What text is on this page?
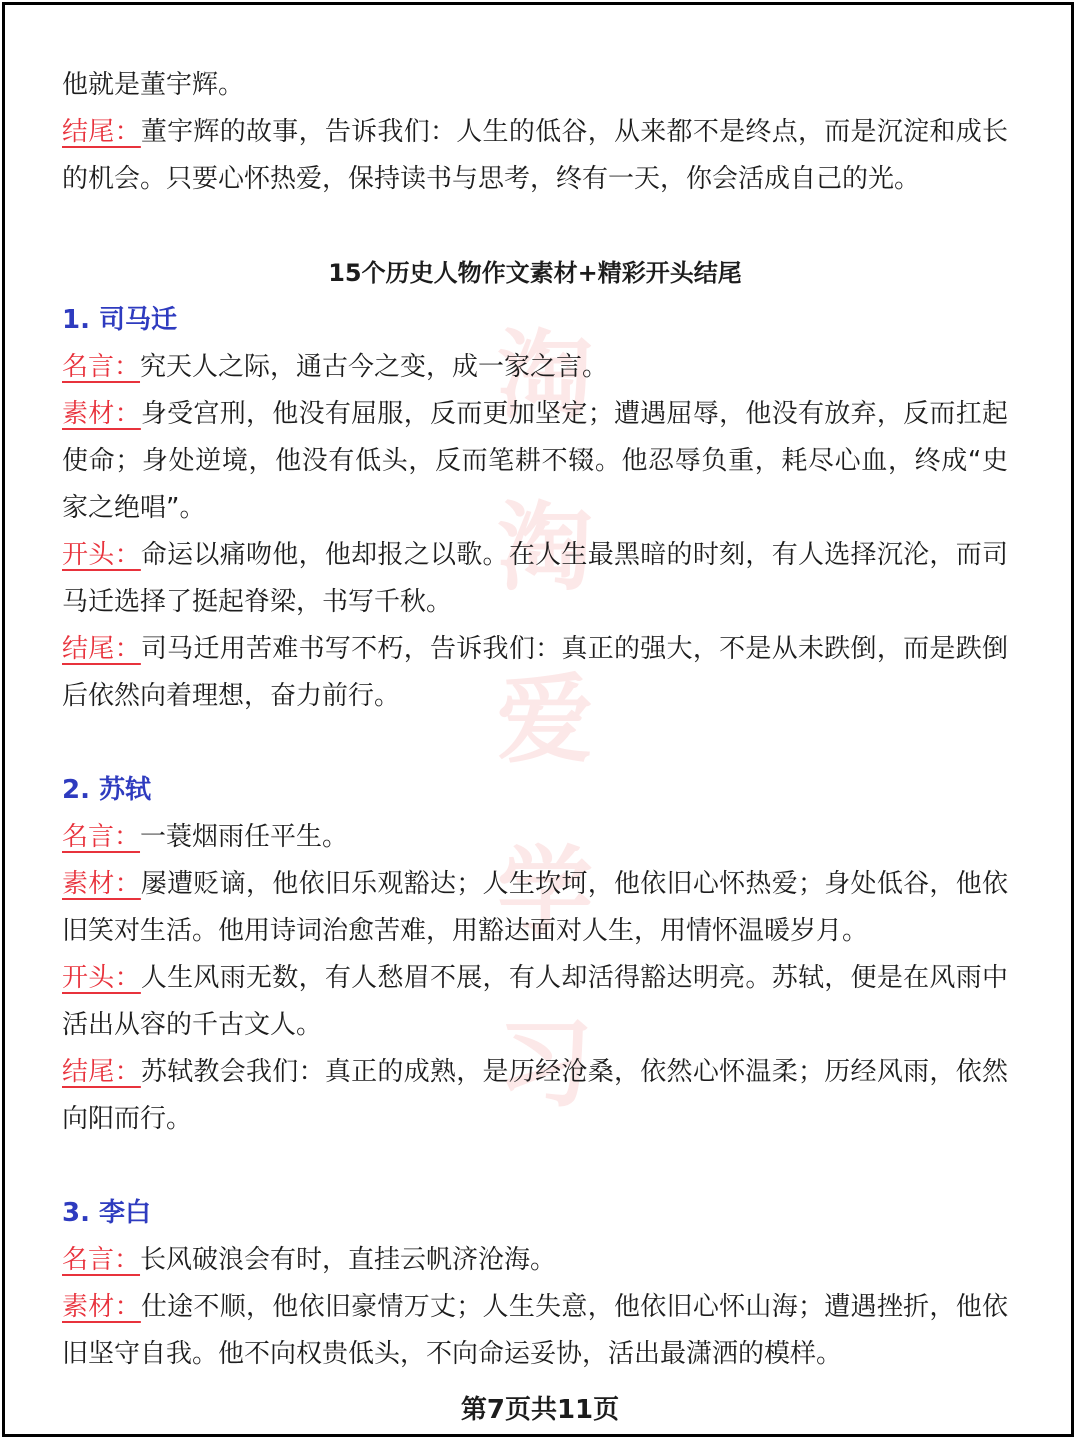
淘
淘
爱
学
习

他就是董宇辉。

结尾：董宇辉的故事，告诉我们：人生的低谷，从来都不是终点，而是沉淀和成长的机会。只要心怀热爱，保持读书与思考，终有一天，你会活成自己的光。

15个历史人物作文素材+精彩开头结尾

1. 司马迁

名言：究天人之际，通古今之变，成一家之言。

素材：身受宫刑，他没有屈服，反而更加坚定；遭遇屈辱，他没有放弃，反而扛起使命；身处逆境，他没有低头，反而笔耕不辍。他忍辱负重，耗尽心血，终成“史家之绝唱”。

开头：命运以痛吻他，他却报之以歌。在人生最黑暗的时刻，有人选择沉沦，而司马迁选择了挺起脊梁，书写千秋。

结尾：司马迁用苦难书写不朽，告诉我们：真正的强大，不是从未跌倒，而是跌倒后依然向着理想，奋力前行。

2. 苏轼

名言：一蓑烟雨任平生。

素材：屡遭贬谪，他依旧乐观豁达；人生坎坷，他依旧心怀热爱；身处低谷，他依旧笑对生活。他用诗词治愈苦难，用豁达面对人生，用情怀温暖岁月。

开头：人生风雨无数，有人愁眉不展，有人却活得豁达明亮。苏轼，便是在风雨中活出从容的千古文人。

结尾：苏轼教会我们：真正的成熟，是历经沧桑，依然心怀温柔；历经风雨，依然向阳而行。

3. 李白

名言：长风破浪会有时，直挂云帆济沧海。

素材：仕途不顺，他依旧豪情万丈；人生失意，他依旧心怀山海；遭遇挫折，他依旧坚守自我。他不向权贵低头，不向命运妥协，活出最潇洒的模样。

第7页共11页
